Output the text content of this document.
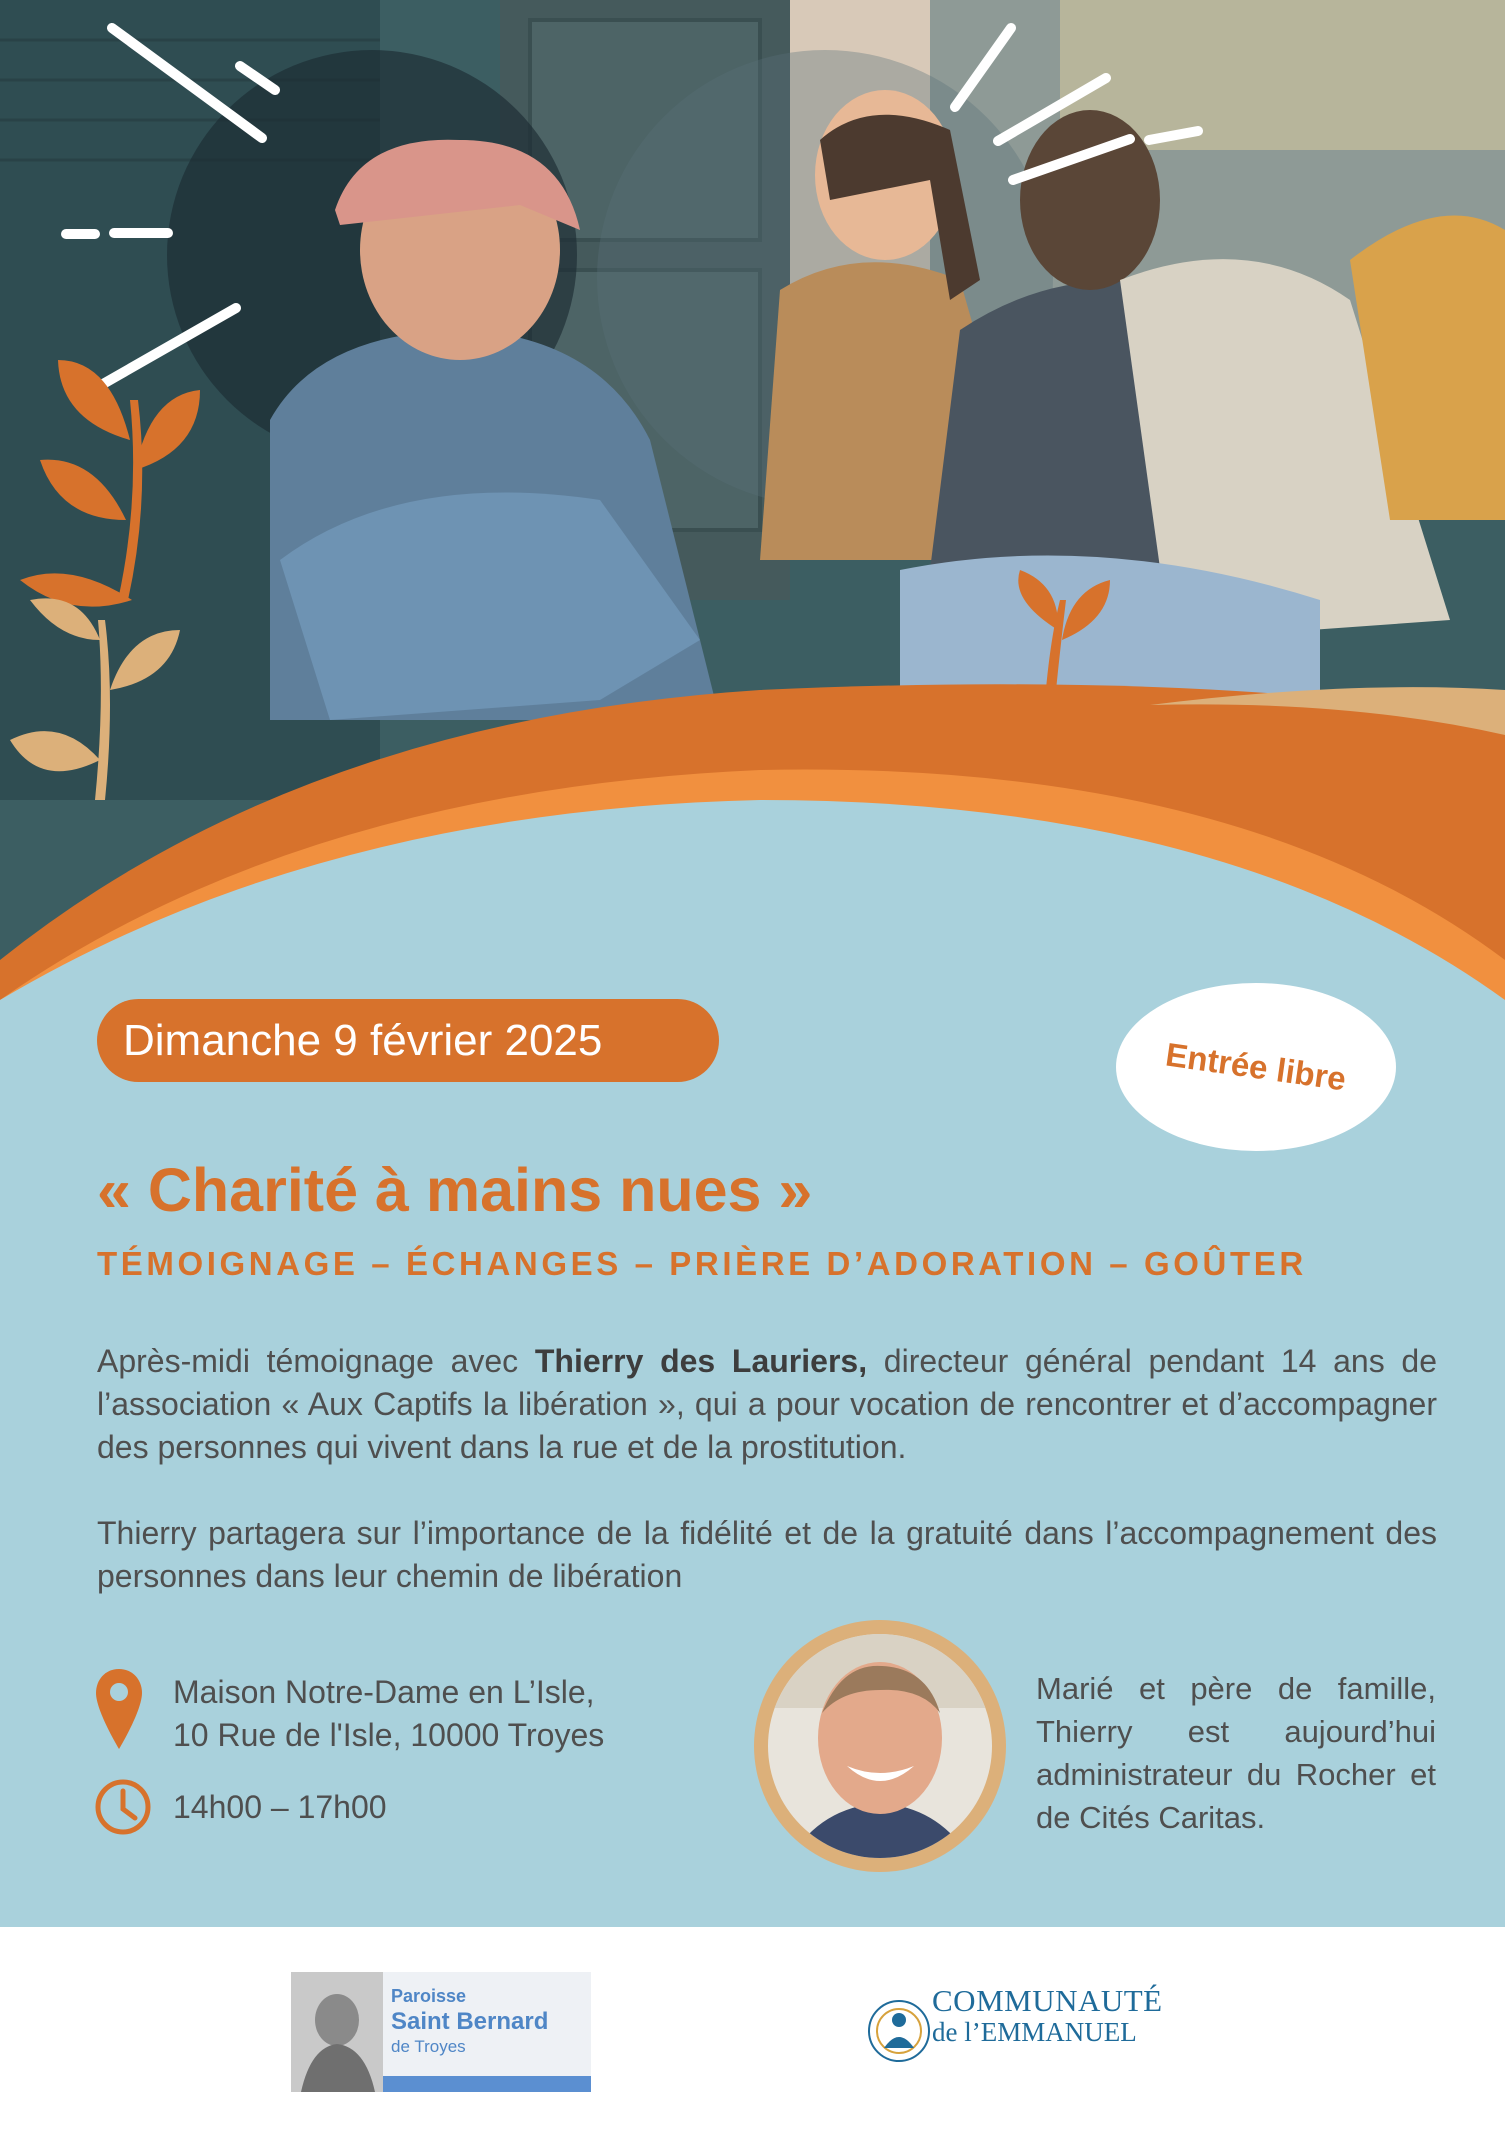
Dimanche 9 février 2025	Entrée libre
« Charité à mains nues »
TÉMOIGNAGE – ÉCHANGES – PRIÈRE D’ADORATION – GOÛTER
Après-midi témoignage avec Thierry des Lauriers, directeur général pendant 14 ans de l’association « Aux Captifs la libération », qui a pour vocation de rencontrer et d’accompagner des personnes qui vivent dans la rue et de la prostitution.
Thierry partagera sur l’importance de la fidélité et de la gratuité dans l’accompagnement des personnes dans leur chemin de libération
Maison Notre-Dame en L’Isle,
10 Rue de l'Isle, 10000 Troyes
14h00 – 17h00
Marié et père de famille, Thierry est aujourd’hui administrateur du Rocher et de Cités Caritas.
Paroisse
Saint Bernard
de Troyes
COMMUNAUTÉ
de l’EMMANUEL
